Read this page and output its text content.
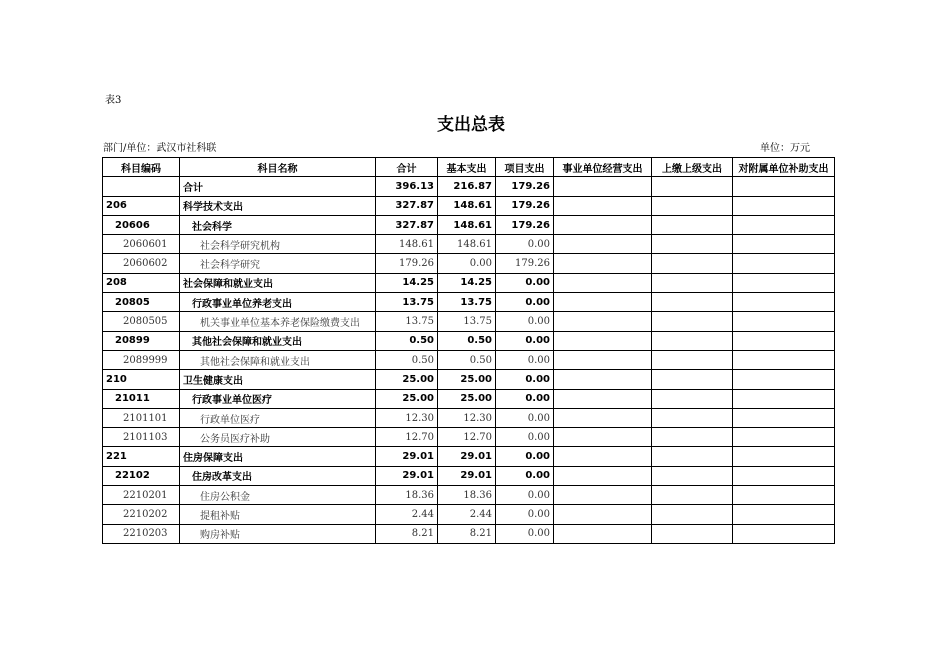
表3
支出总表
部门/单位：武汉市社科联	单位：万元
科目编码	科目名称	合计	基本支出	项目支出	事业单位经营支出	上缴上级支出	对附属单位补助支出
	合计	396.13	216.87	179.26			
206	科学技术支出	327.87	148.61	179.26			
20606	社会科学	327.87	148.61	179.26			
2060601	社会科学研究机构	148.61	148.61	0.00			
2060602	社会科学研究	179.26	0.00	179.26			
208	社会保障和就业支出	14.25	14.25	0.00			
20805	行政事业单位养老支出	13.75	13.75	0.00			
2080505	机关事业单位基本养老保险缴费支出	13.75	13.75	0.00			
20899	其他社会保障和就业支出	0.50	0.50	0.00			
2089999	其他社会保障和就业支出	0.50	0.50	0.00			
210	卫生健康支出	25.00	25.00	0.00			
21011	行政事业单位医疗	25.00	25.00	0.00			
2101101	行政单位医疗	12.30	12.30	0.00			
2101103	公务员医疗补助	12.70	12.70	0.00			
221	住房保障支出	29.01	29.01	0.00			
22102	住房改革支出	29.01	29.01	0.00			
2210201	住房公积金	18.36	18.36	0.00			
2210202	提租补贴	2.44	2.44	0.00			
2210203	购房补贴	8.21	8.21	0.00			
